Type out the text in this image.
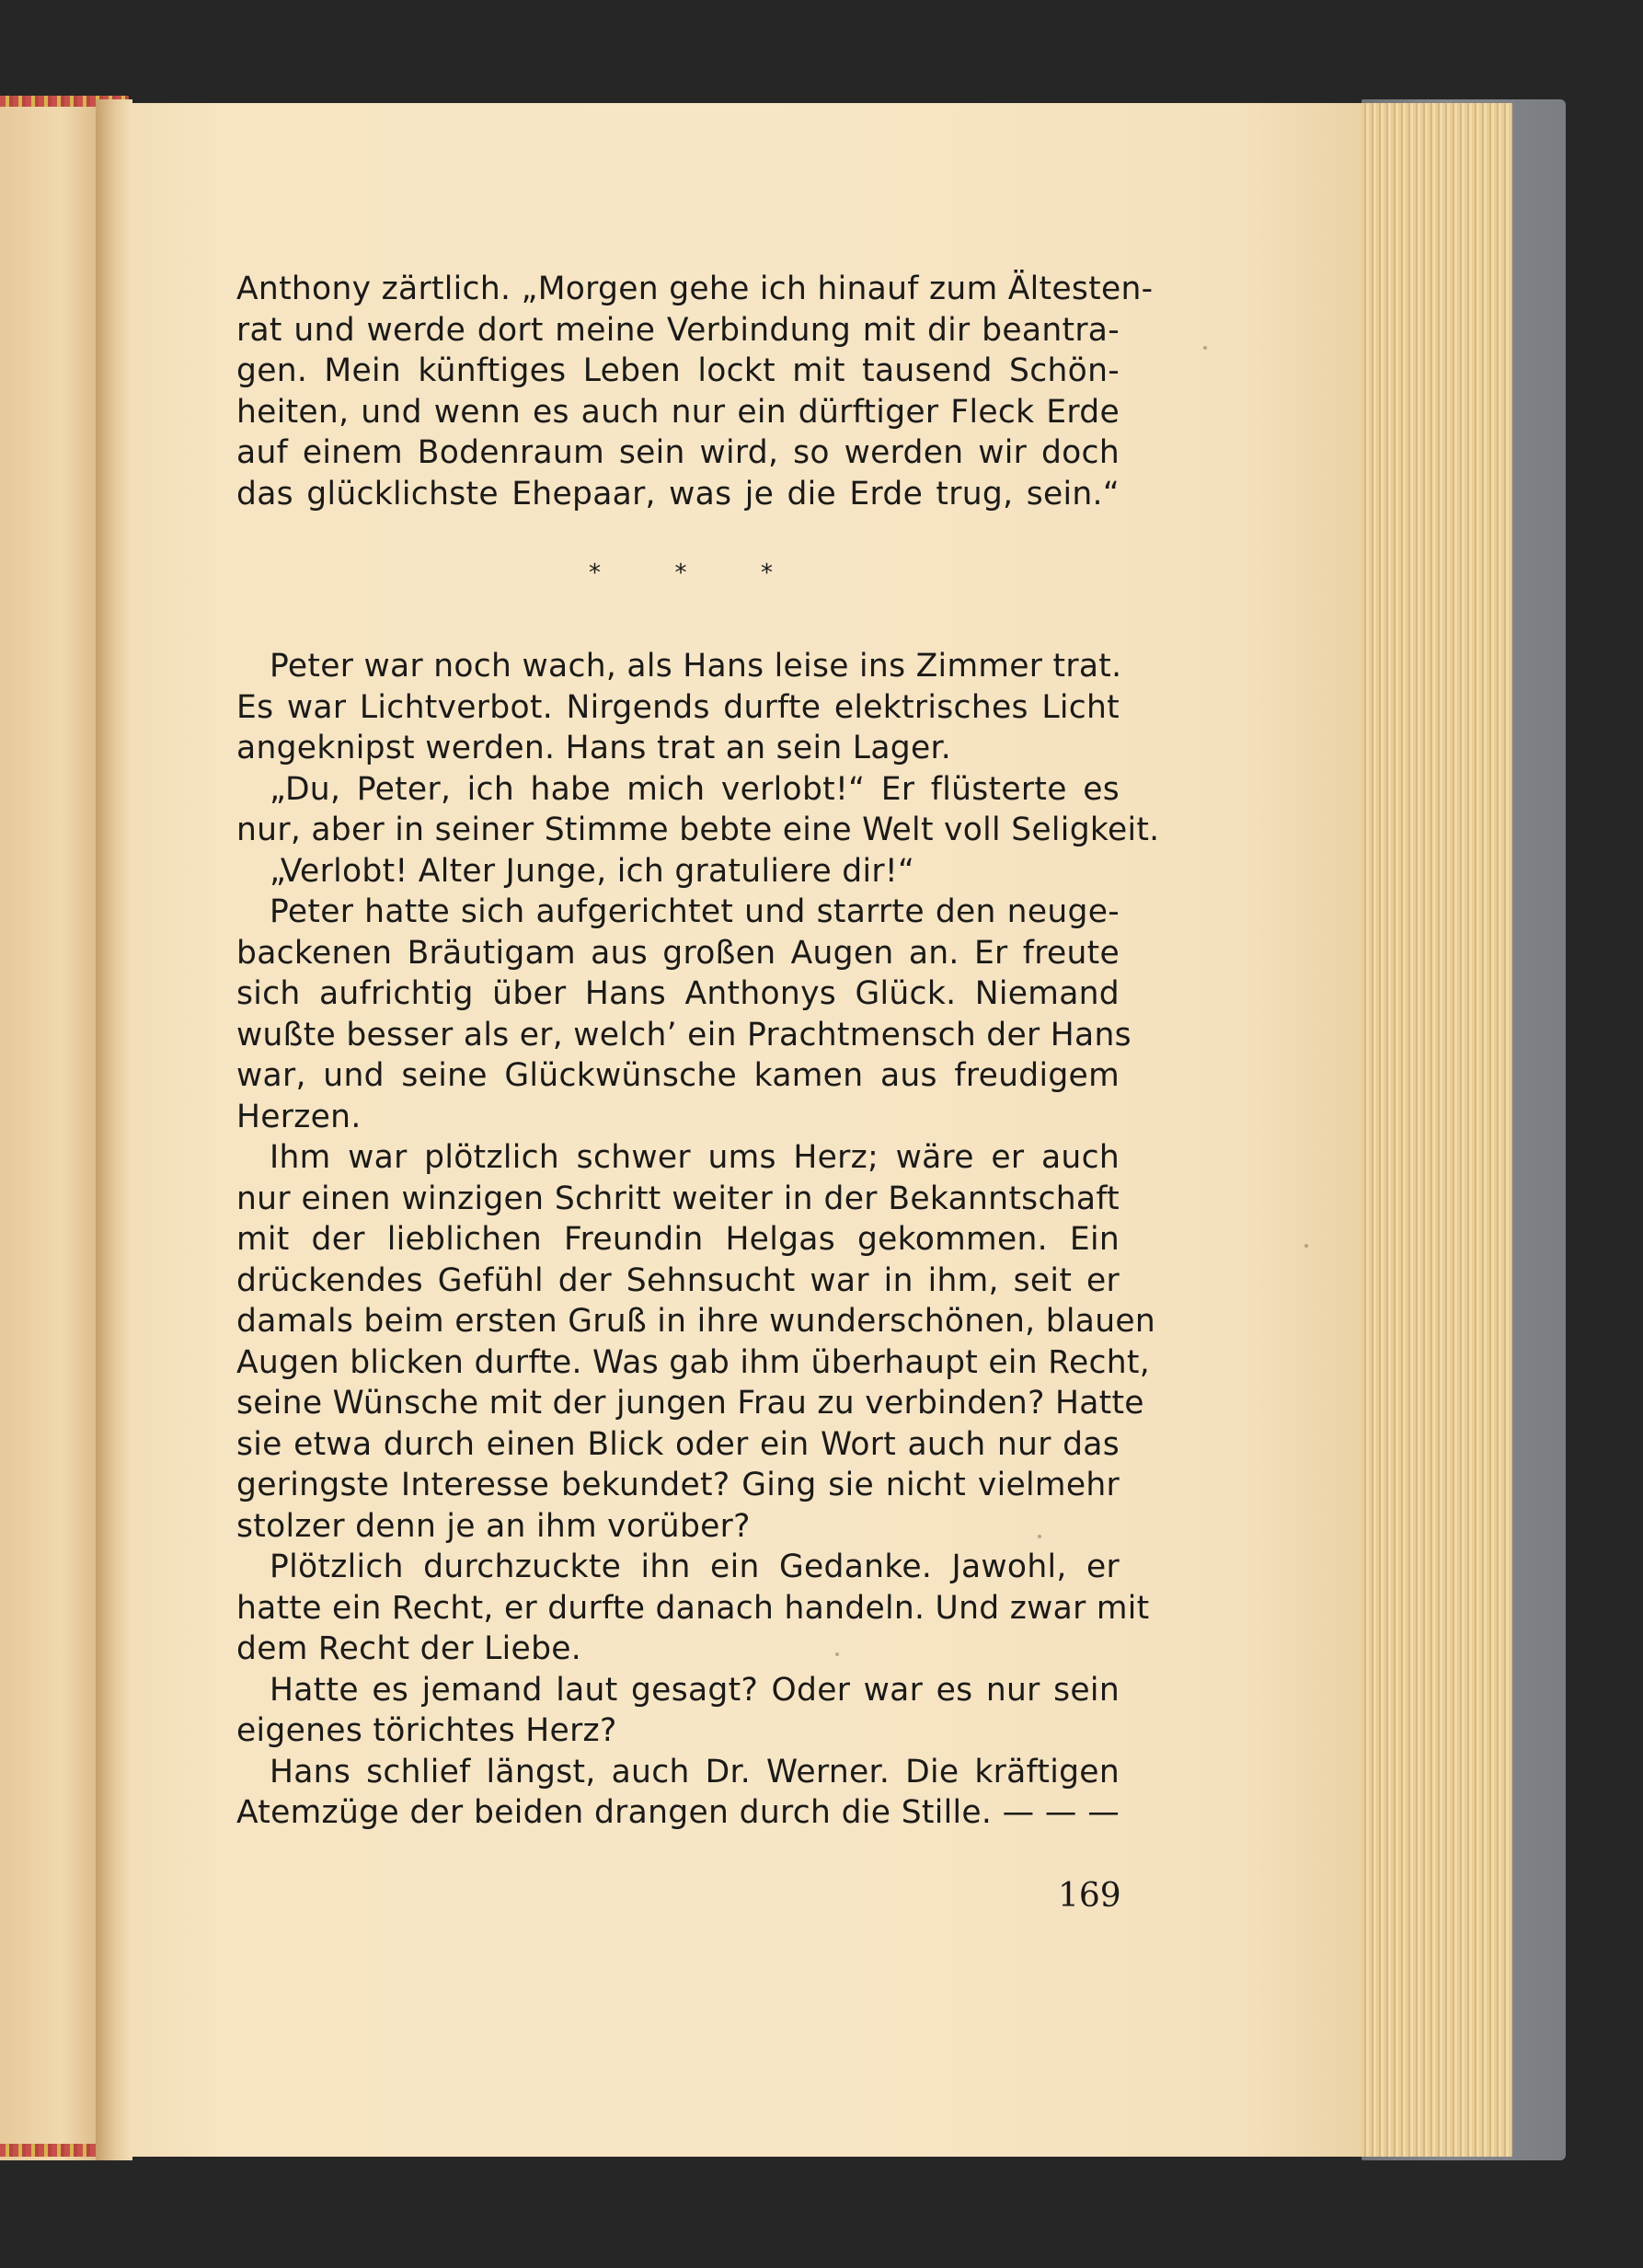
Anthony zärtlich. „Morgen gehe ich hinauf zum Ältesten-
rat und werde dort meine Verbindung mit dir beantra-
gen. Mein künftiges Leben lockt mit tausend Schön-
heiten, und wenn es auch nur ein dürftiger Fleck Erde
auf einem Bodenraum sein wird, so werden wir doch
das glücklichste Ehepaar, was je die Erde trug, sein.“
*	*	*
Peter war noch wach, als Hans leise ins Zimmer trat.
Es war Lichtverbot. Nirgends durfte elektrisches Licht
angeknipst werden. Hans trat an sein Lager.
„Du, Peter, ich habe mich verlobt!“ Er flüsterte es
nur, aber in seiner Stimme bebte eine Welt voll Seligkeit.
„Verlobt! Alter Junge, ich gratuliere dir!“
Peter hatte sich aufgerichtet und starrte den neuge-
backenen Bräutigam aus großen Augen an. Er freute
sich aufrichtig über Hans Anthonys Glück. Niemand
wußte besser als er, welch’ ein Prachtmensch der Hans
war, und seine Glückwünsche kamen aus freudigem
Herzen.
Ihm war plötzlich schwer ums Herz; wäre er auch
nur einen winzigen Schritt weiter in der Bekanntschaft
mit der lieblichen Freundin Helgas gekommen. Ein
drückendes Gefühl der Sehnsucht war in ihm, seit er
damals beim ersten Gruß in ihre wunderschönen, blauen
Augen blicken durfte. Was gab ihm überhaupt ein Recht,
seine Wünsche mit der jungen Frau zu verbinden? Hatte
sie etwa durch einen Blick oder ein Wort auch nur das
geringste Interesse bekundet? Ging sie nicht vielmehr
stolzer denn je an ihm vorüber?
Plötzlich durchzuckte ihn ein Gedanke. Jawohl, er
hatte ein Recht, er durfte danach handeln. Und zwar mit
dem Recht der Liebe.
Hatte es jemand laut gesagt? Oder war es nur sein
eigenes törichtes Herz?
Hans schlief längst, auch Dr. Werner. Die kräftigen
Atemzüge der beiden drangen durch die Stille. — — —
169
